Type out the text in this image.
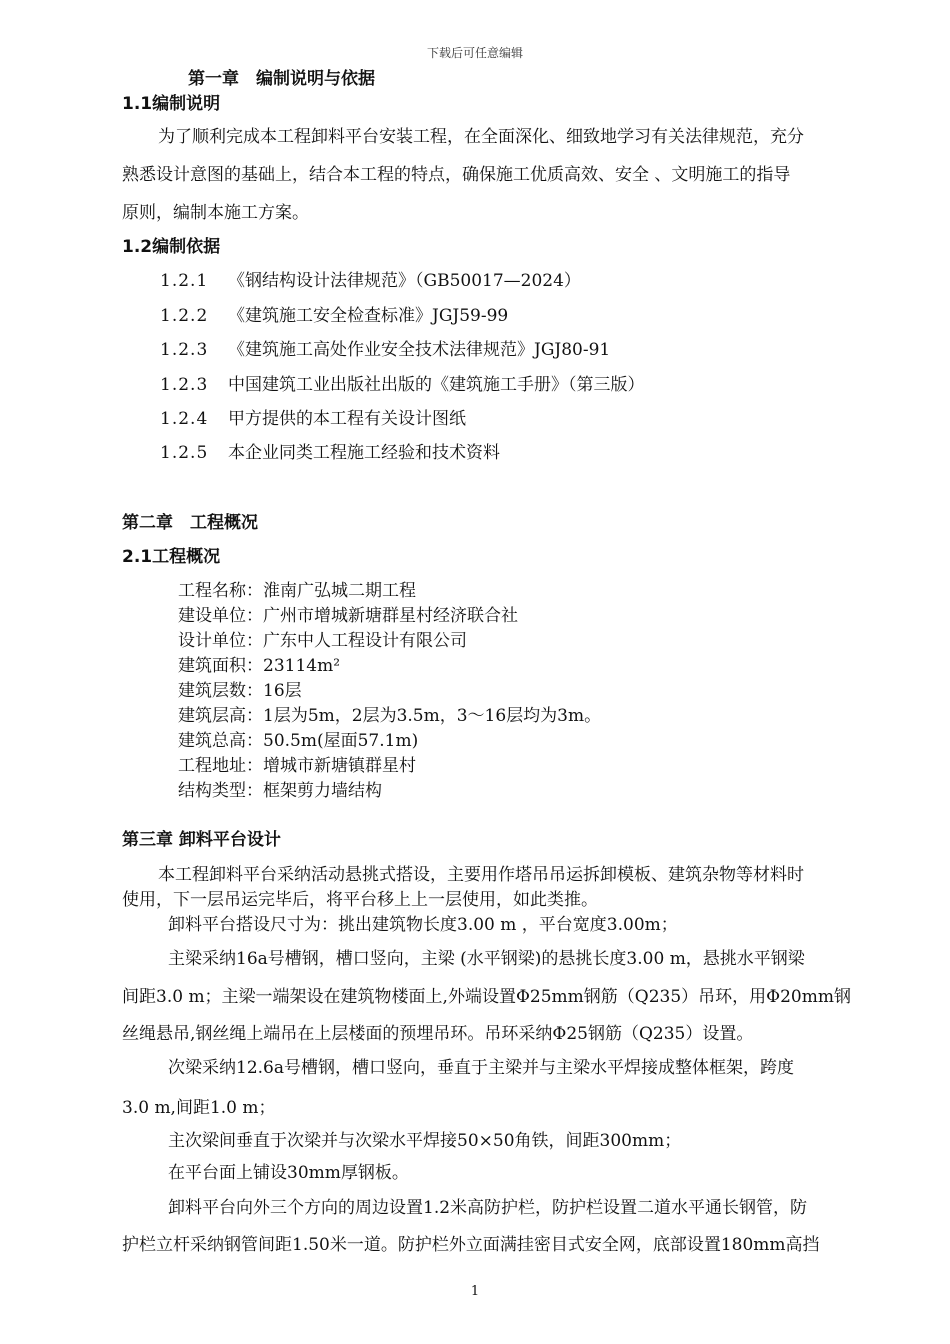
下载后可任意编辑
第一章　编制说明与依据
1.1编制说明
为了顺利完成本工程卸料平台安装工程，在全面深化、细致地学习有关法律规范，充分
熟悉设计意图的基础上，结合本工程的特点，确保施工优质高效、安全 、文明施工的指导
原则，编制本施工方案。
1.2编制依据
1.2.1 《钢结构设计法律规范》（GB50017—2024）
1.2.2 《建筑施工安全检查标准》JGJ59-99
1.2.3 《建筑施工高处作业安全技术法律规范》JGJ80-91
1.2.3 中国建筑工业出版社出版的《建筑施工手册》（第三版）
1.2.4 甲方提供的本工程有关设计图纸
1.2.5 本企业同类工程施工经验和技术资料
第二章　工程概况
2.1工程概况
工程名称：淮南广弘城二期工程
建设单位：广州市增城新塘群星村经济联合社
设计单位：广东中人工程设计有限公司
建筑面积：23114m²
建筑层数：16层
建筑层高：1层为5m，2层为3.5m，3～16层均为3m。
建筑总高：50.5m(屋面57.1m)
工程地址：增城市新塘镇群星村
结构类型：框架剪力墙结构
第三章 卸料平台设计
本工程卸料平台采纳活动悬挑式搭设，主要用作塔吊吊运拆卸模板、建筑杂物等材料时
使用，下一层吊运完毕后，将平台移上上一层使用，如此类推。
卸料平台搭设尺寸为：挑出建筑物长度3.00 m ，平台宽度3.00m；
主梁采纳16a号槽钢，槽口竖向，主梁 (水平钢梁)的悬挑长度3.00 m，悬挑水平钢梁
间距3.0 m；主梁一端架设在建筑物楼面上,外端设置Φ25mm钢筋（Q235）吊环，用Φ20mm钢
丝绳悬吊,钢丝绳上端吊在上层楼面的预埋吊环。吊环采纳Φ25钢筋（Q235）设置。
次梁采纳12.6a号槽钢，槽口竖向，垂直于主梁并与主梁水平焊接成整体框架，跨度
3.0 m,间距1.0 m；
主次梁间垂直于次梁并与次梁水平焊接50×50角铁，间距300mm；
在平台面上铺设30mm厚钢板。
卸料平台向外三个方向的周边设置1.2米高防护栏，防护栏设置二道水平通长钢管，防
护栏立杆采纳钢管间距1.50米一道。防护栏外立面满挂密目式安全网，底部设置180mm高挡
1
